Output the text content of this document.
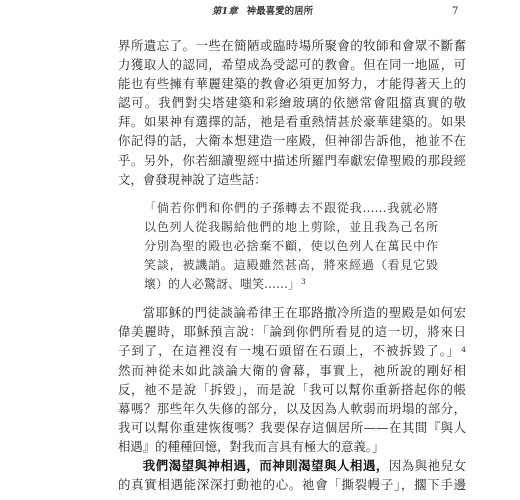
第1章 神最喜愛的居所	7
界所遺忘了。一些在簡陋或臨時場所聚會的牧師和會眾不斷奮
力獲取人的認同，希望成為受認可的教會。但在同一地區，可
能也有些擁有華麗建築的教會必須更加努力，才能得著天上的
認可。我們對尖塔建築和彩繪玻璃的依戀常會阻擋真實的敬
拜。如果神有選擇的話，祂是看重熱情甚於豪華建築的。如果
你記得的話，大衛本想建造一座殿，但神卻告訴他，祂並不在
乎。另外，你若細讀聖經中描述所羅門奉獻宏偉聖殿的那段經
文，會發現神說了這些話：
「倘若你們和你們的子孫轉去不跟從我……我就必將
以色列人從我賜給他們的地上剪除，並且我為己名所
分別為聖的殿也必捨棄不顧，使以色列人在萬民中作
笑談，被譏誚。這殿雖然甚高，將來經過（看見它毀
壞）的人必驚訝、嗤笑……」$^3$
當耶穌的門徒談論希律王在耶路撒冷所造的聖殿是如何宏
偉美麗時，耶穌預言說：「論到你們所看見的這一切，將來日
子到了，在這裡沒有一塊石頭留在石頭上，不被拆毀了。」$^4$
然而神從未如此談論大衛的會幕，事實上，祂所說的剛好相
反，祂不是說「拆毀」，而是說「我可以幫你重新搭起你的帳
幕嗎？那些年久失修的部分，以及因為人軟弱而坍塌的部分，
我可以幫你重建恢復嗎？我要保存這個居所——在其間『與人
相遇』的種種回憶，對我而言具有極大的意義。」
我們渴望與神相遇，而神則渴望與人相遇，因為與祂兒女
的真實相遇能深深打動祂的心。祂會「撕裂幔子」，擱下手邊
